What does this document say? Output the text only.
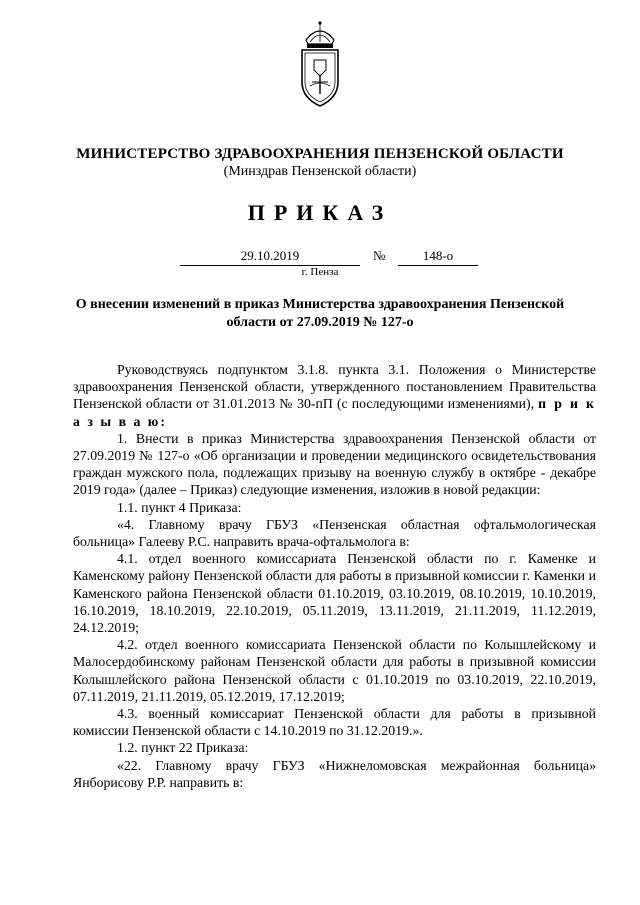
МИНИСТЕРСТВО ЗДРАВООХРАНЕНИЯ ПЕНЗЕНСКОЙ ОБЛАСТИ
(Минздрав Пензенской области)
ПРИКАЗ
29.10.2019	№	148-о
г. Пенза
О внесении изменений в приказ Министерства здравоохранения Пензенской области от 27.09.2019 № 127-о

Руководствуясь подпунктом 3.1.8. пункта 3.1. Положения о Министерстве здравоохранения Пензенской области, утвержденного постановлением Правительства Пензенской области от 31.01.2013 № 30-пП (с последующими изменениями), п р и к а з ы в а ю:

1. Внести в приказ Министерства здравоохранения Пензенской области от 27.09.2019 № 127-о «Об организации и проведении медицинского освидетельствования граждан мужского пола, подлежащих призыву на военную службу в октябре - декабре 2019 года» (далее – Приказ) следующие изменения, изложив в новой редакции:

1.1. пункт 4 Приказа:

«4. Главному врачу ГБУЗ «Пензенская областная офтальмологическая больница» Галееву Р.С. направить врача-офтальмолога в:

4.1. отдел военного комиссариата Пензенской области по г. Каменке и Каменскому району Пензенской области для работы в призывной комиссии г. Каменки и Каменского района Пензенской области 01.10.2019, 03.10.2019, 08.10.2019, 10.10.2019, 16.10.2019, 18.10.2019, 22.10.2019, 05.11.2019, 13.11.2019, 21.11.2019, 11.12.2019, 24.12.2019;

4.2. отдел военного комиссариата Пензенской области по Колышлейскому и Малосердобинскому районам Пензенской области для работы в призывной комиссии Колышлейского района Пензенской области с 01.10.2019 по 03.10.2019, 22.10.2019, 07.11.2019, 21.11.2019, 05.12.2019, 17.12.2019;

4.3. военный комиссариат Пензенской области для работы в призывной комиссии Пензенской области с 14.10.2019 по 31.12.2019.».

1.2. пункт 22 Приказа:

«22. Главному врачу ГБУЗ «Нижнеломовская межрайонная больница» Янборисову Р.Р. направить в:
